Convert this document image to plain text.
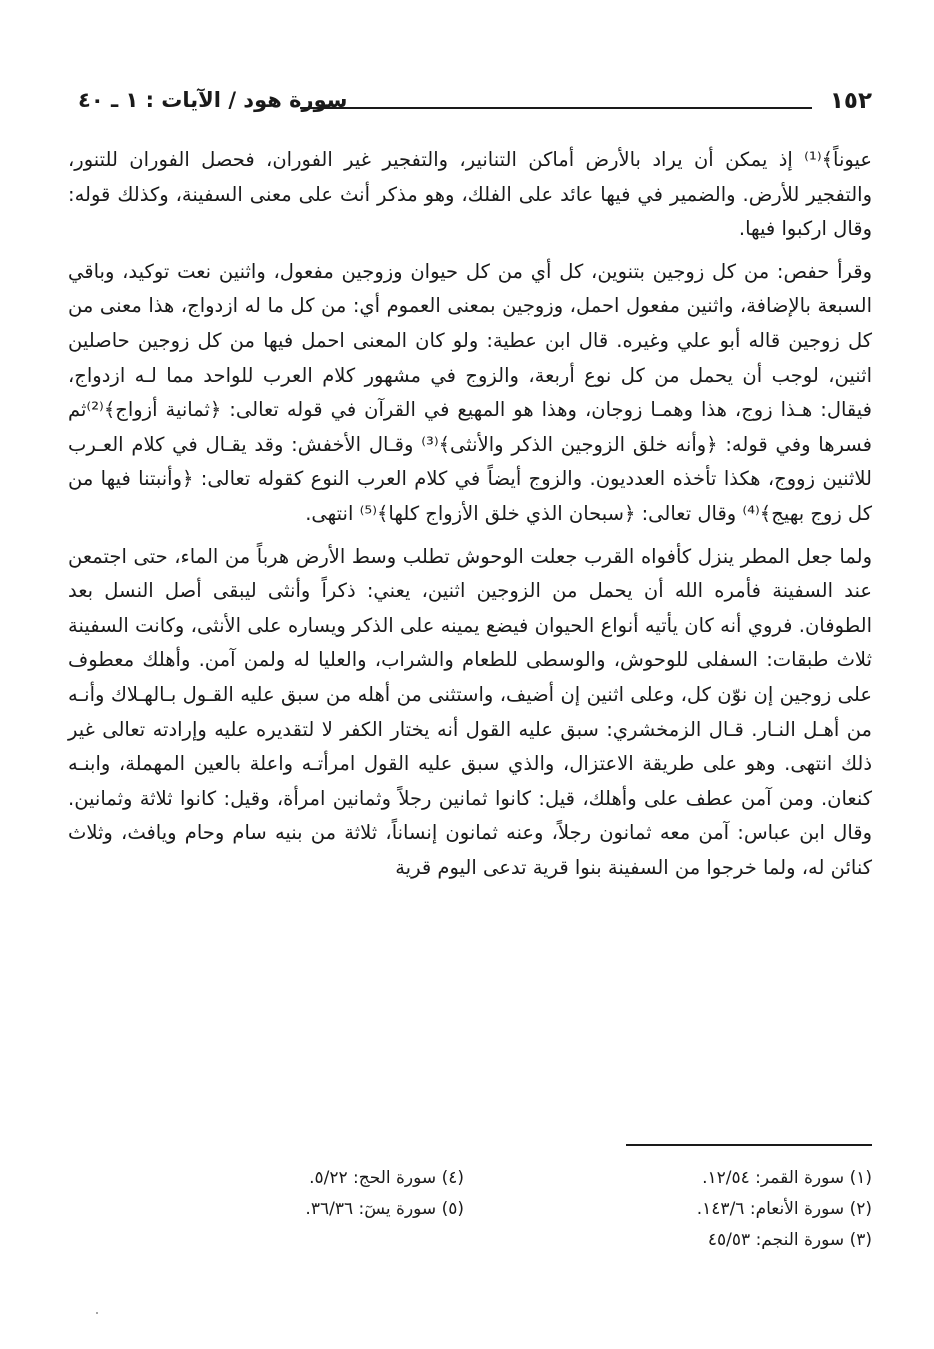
١٥٢
سورة هود / الآيات : ١ ـ ٤٠

عيوناً﴾⁽¹⁾ إذ يمكن أن يراد بالأرض أماكن التنانير، والتفجير غير الفوران، فحصل الفوران للتنور، والتفجير للأرض. والضمير في فيها عائد على الفلك، وهو مذكر أنث على معنى السفينة، وكذلك قوله: وقال اركبوا فيها.

وقرأ حفص: من كل زوجين بتنوين، كل أي من كل حيوان وزوجين مفعول، واثنين نعت توكيد، وباقي السبعة بالإضافة، واثنين مفعول احمل، وزوجين بمعنى العموم أي: من كل ما له ازدواج، هذا معنى من كل زوجين قاله أبو علي وغيره. قال ابن عطية: ولو كان المعنى احمل فيها من كل زوجين حاصلين اثنين، لوجب أن يحمل من كل نوع أربعة، والزوج في مشهور كلام العرب للواحد مما لـه ازدواج، فيقال: هـذا زوج، هذا وهمـا زوجان، وهذا هو المهيع في القرآن في قوله تعالى: ﴿ثمانية أزواج﴾⁽²⁾ثم فسرها وفي قوله: ﴿وأنه خلق الزوجين الذكر والأنثى﴾⁽³⁾ وقـال الأخفش: وقد يقـال في كلام العـرب للاثنين زووج، هكذا تأخذه العدديون. والزوج أيضاً في كلام العرب النوع كقوله تعالى: ﴿وأنبتنا فيها من كل زوج بهيج﴾⁽⁴⁾ وقال تعالى: ﴿سبحان الذي خلق الأزواج كلها﴾⁽⁵⁾ انتهى.

ولما جعل المطر ينزل كأفواه القرب جعلت الوحوش تطلب وسط الأرض هرباً من الماء، حتى اجتمعن عند السفينة فأمره الله أن يحمل من الزوجين اثنين، يعني: ذكراً وأنثى ليبقى أصل النسل بعد الطوفان. فروي أنه كان يأتيه أنواع الحيوان فيضع يمينه على الذكر ويساره على الأنثى، وكانت السفينة ثلاث طبقات: السفلى للوحوش، والوسطى للطعام والشراب، والعليا له ولمن آمن. وأهلك معطوف على زوجين إن نوّن كل، وعلى اثنين إن أضيف، واستثنى من أهله من سبق عليه القـول بـالهـلاك وأنـه من أهـل النـار. قـال الزمخشري: سبق عليه القول أنه يختار الكفر لا لتقديره عليه وإرادته تعالى غير ذلك انتهى. وهو على طريقة الاعتزال، والذي سبق عليه القول امرأتـه واعلة بالعين المهملة، وابنـه كنعان. ومن آمن عطف على وأهلك، قيل: كانوا ثمانين رجلاً وثمانين امرأة، وقيل: كانوا ثلاثة وثمانين. وقال ابن عباس: آمن معه ثمانون رجلاً، وعنه ثمانون إنساناً، ثلاثة من بنيه سام وحام ويافث، وثلاث كنائن له، ولما خرجوا من السفينة بنوا قرية تدعى اليوم قرية

(١) سورة القمر: ١٢/٥٤.
(٢) سورة الأنعام: ١٤٣/٦.
(٣) سورة النجم: ٤٥/٥٣
(٤) سورة الحج: ٥/٢٢.
(٥) سورة يسٓ: ٣٦/٣٦.
